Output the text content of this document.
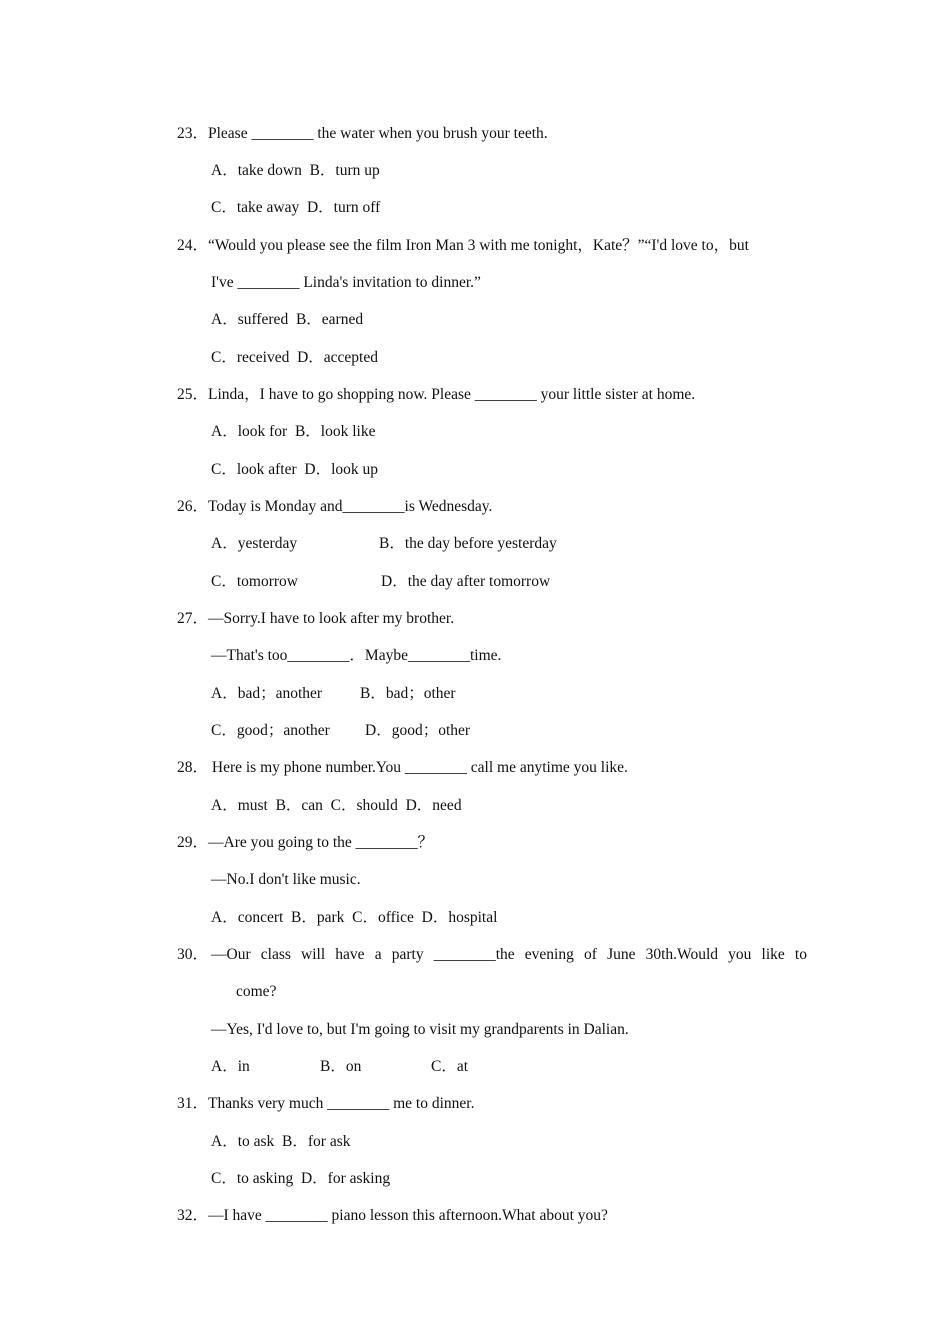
23．Please ________ the water when you brush your teeth.
A．take down  B．turn up
C．take away  D．turn off
24．“Would you please see the film Iron Man 3 with me tonight，Kate？”“I'd love to，but
I've ________ Linda's invitation to dinner.”
A．suffered  B．earned
C．received  D．accepted
25．Linda，I have to go shopping now. Please ________ your little sister at home.
A．look for  B．look like
C．look after  D．look up
26．Today is Monday and________is Wednesday.
A．yesterday	B．the day before yesterday
C．tomorrow	D．the day after tomorrow
27．—Sorry.I have to look after my brother.
—That's too________．Maybe________time.
A．bad；another B．bad；other
C．good；another D．good；other
28． Here is my phone number.You ________ call me anytime you like.
A．must  B．can  C．should  D．need
29．—Are you going to the ________？
—No.I don't like music.
A．concert  B．park  C．office  D．hospital
30． —Our class will have a party ________the evening of June 30th.Would you like to
come?
—Yes, I'd love to, but I'm going to visit my grandparents in Dalian.
A．in	B．on	C．at
31．Thanks very much ________ me to dinner.
A．to ask  B．for ask
C．to asking  D．for asking
32．—I have ________ piano lesson this afternoon.What about you?
